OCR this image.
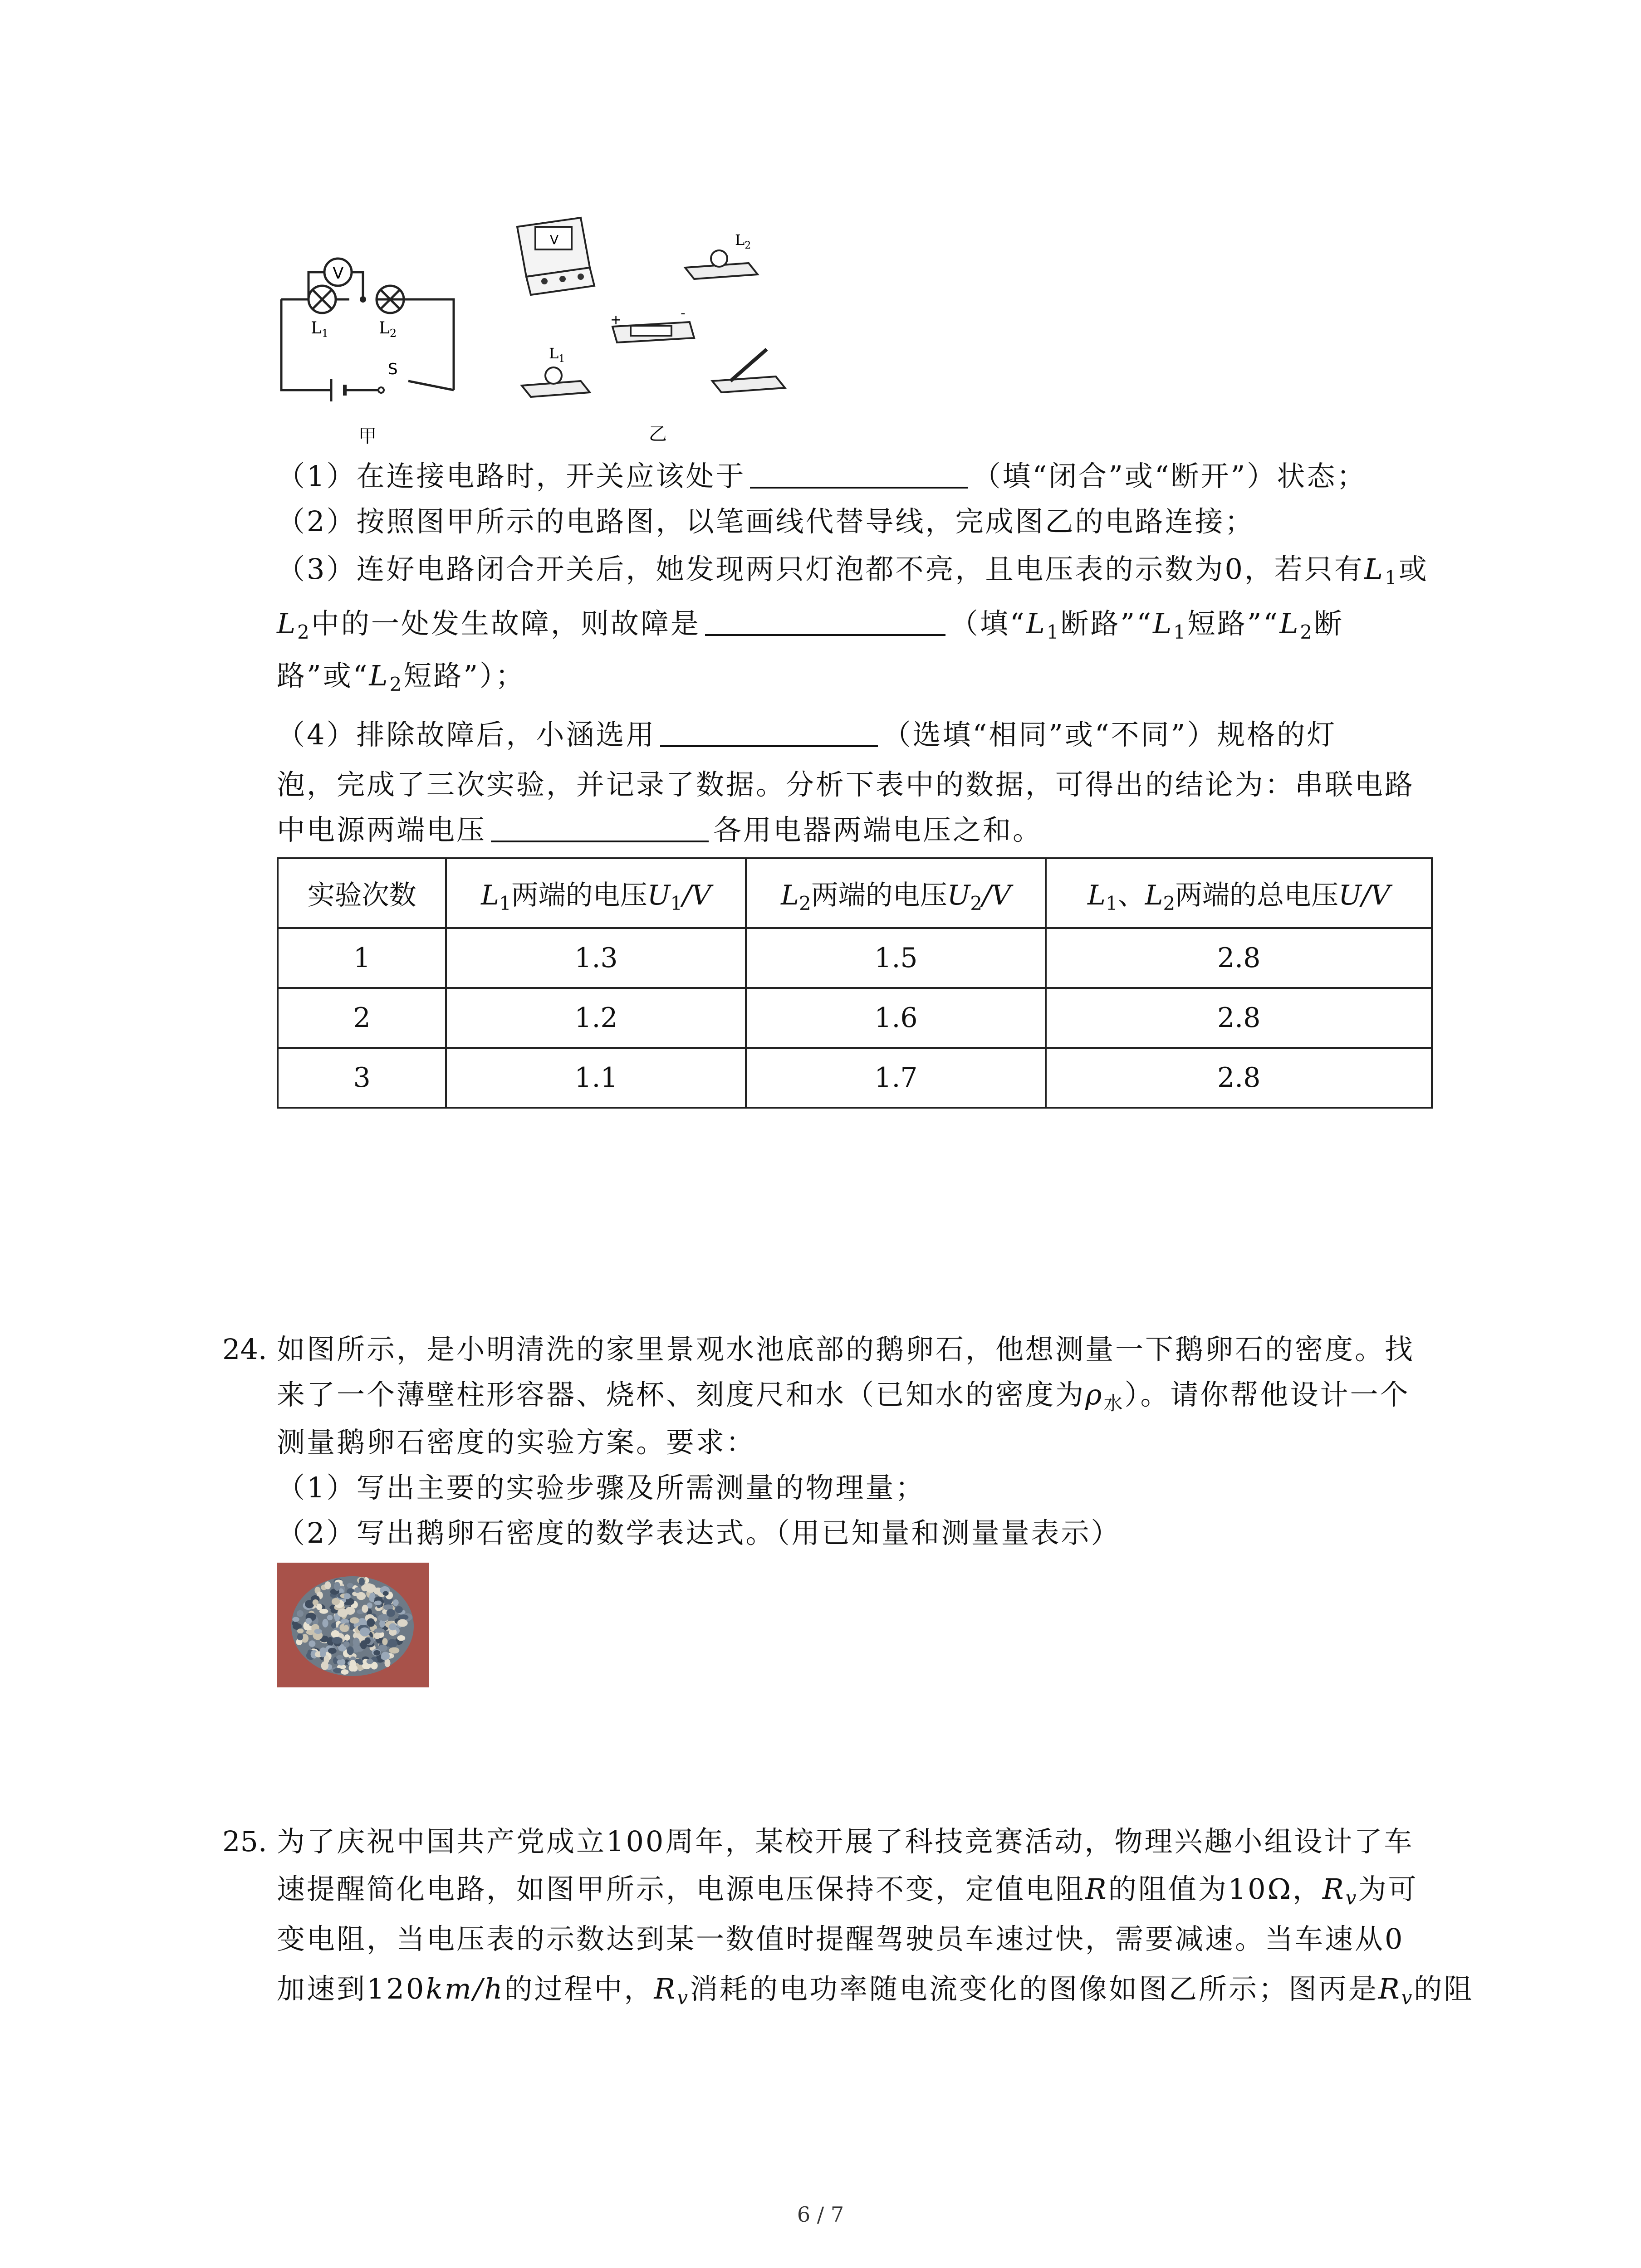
V
$L_1$	$L_2$
S
甲
V	$L_2$
+	-
$L_1$
乙
（1）在连接电路时，开关应该处于	（填“闭合”或“断开”）状态；
（2）按照图甲所示的电路图，以笔画线代替导线，完成图乙的电路连接；
（3）连好电路闭合开关后，她发现两只灯泡都不亮，且电压表的示数为0，若只有$L_1$或
$L_2$中的一处发生故障，则故障是	（填“$L_1$断路$”“L_1$短路$”“L_2$断
路”或“$L_2$短路”）；
（4）排除故障后，小涵选用	（选填“相同”或“不同”）规格的灯
泡，完成了三次实验，并记录了数据。分析下表中的数据，可得出的结论为：串联电路
中电源两端电压	各用电器两端电压之和。
实验次数	$L_1$两端的电压$U_1/V$	$L_2$两端的电压$U_2/V$	$L_1$、$L_2$两端的总电压U/V
1	1.3	1.5	2.8
2	1.2	1.6	2.8
3	1.1	1.7	2.8
24. 如图所示，是小明清洗的家里景观水池底部的鹅卵石，他想测量一下鹅卵石的密度。找
来了一个薄壁柱形容器、烧杯、刻度尺和水（已知水的密度为$\rho_水$）。请你帮他设计一个
测量鹅卵石密度的实验方案。要求：
（1）写出主要的实验步骤及所需测量的物理量；
（2）写出鹅卵石密度的数学表达式。（用已知量和测量量表示）
25. 为了庆祝中国共产党成立100周年，某校开展了科技竞赛活动，物理兴趣小组设计了车
速提醒简化电路，如图甲所示，电源电压保持不变，定值电阻R的阻值为10Ω，$R_v$为可
变电阻，当电压表的示数达到某一数值时提醒驾驶员车速过快，需要减速。当车速从0
加速到120km/h的过程中，$R_v$消耗的电功率随电流变化的图像如图乙所示；图丙是$R_v$的阻
6 / 7
